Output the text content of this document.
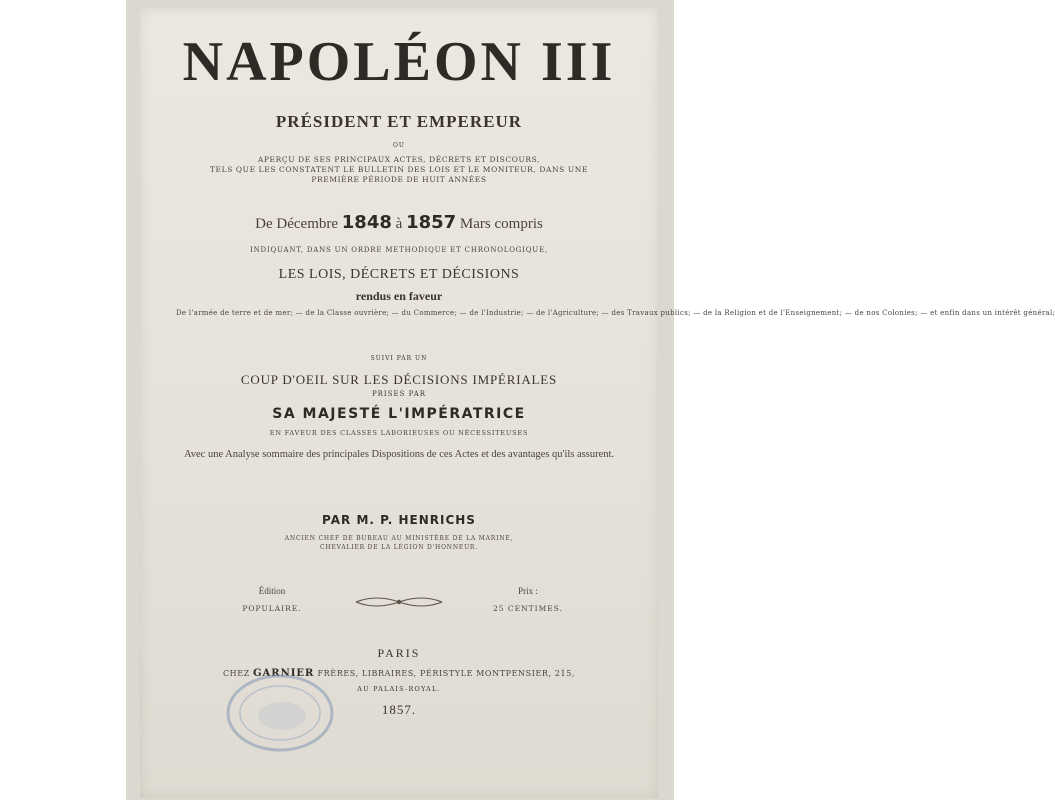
NAPOLÉON III
PRÉSIDENT ET EMPEREUR
OU
APERÇU DE SES PRINCIPAUX ACTES, DÉCRETS ET DISCOURS,
TELS QUE LES CONSTATENT LE BULLETIN DES LOIS ET LE MONITEUR, DANS UNE
PREMIÈRE PÉRIODE DE HUIT ANNÉES
De Décembre 1848 à 1857 Mars compris
INDIQUANT, DANS UN ORDRE METHODIQUE ET CHRONOLOGIQUE,
LES LOIS, DÉCRETS ET DÉCISIONS
rendus en faveur
De l'armée de terre et de mer; — de la Classe ouvrière; — du Commerce; — de l'Industrie; — de l'Agriculture; — des Travaux publics; — de la Religion et de l'Enseignement; — de nos Colonies; — et enfin dans un intérêt général;
SUIVI PAR UN
COUP D'OEIL SUR LES DÉCISIONS IMPÉRIALES
PRISES PAR
SA MAJESTÉ L'IMPÉRATRICE
EN FAVEUR DES CLASSES LABORIEUSES OU NÉCESSITEUSES
Avec une Analyse sommaire des principales Dispositions de ces Actes et des avantages qu'ils assurent.
PAR M. P. HENRICHS
ANCIEN CHEF DE BUREAU AU MINISTÈRE DE LA MARINE,
CHEVALIER DE LA LÉGION D'HONNEUR.
Édition
POPULAIRE.
Prix :
25 CENTIMES.
PARIS
CHEZ GARNIER FRÈRES, LIBRAIRES, PÉRISTYLE MONTPENSIER, 215,
AU PALAIS-ROYAL.
1857.
